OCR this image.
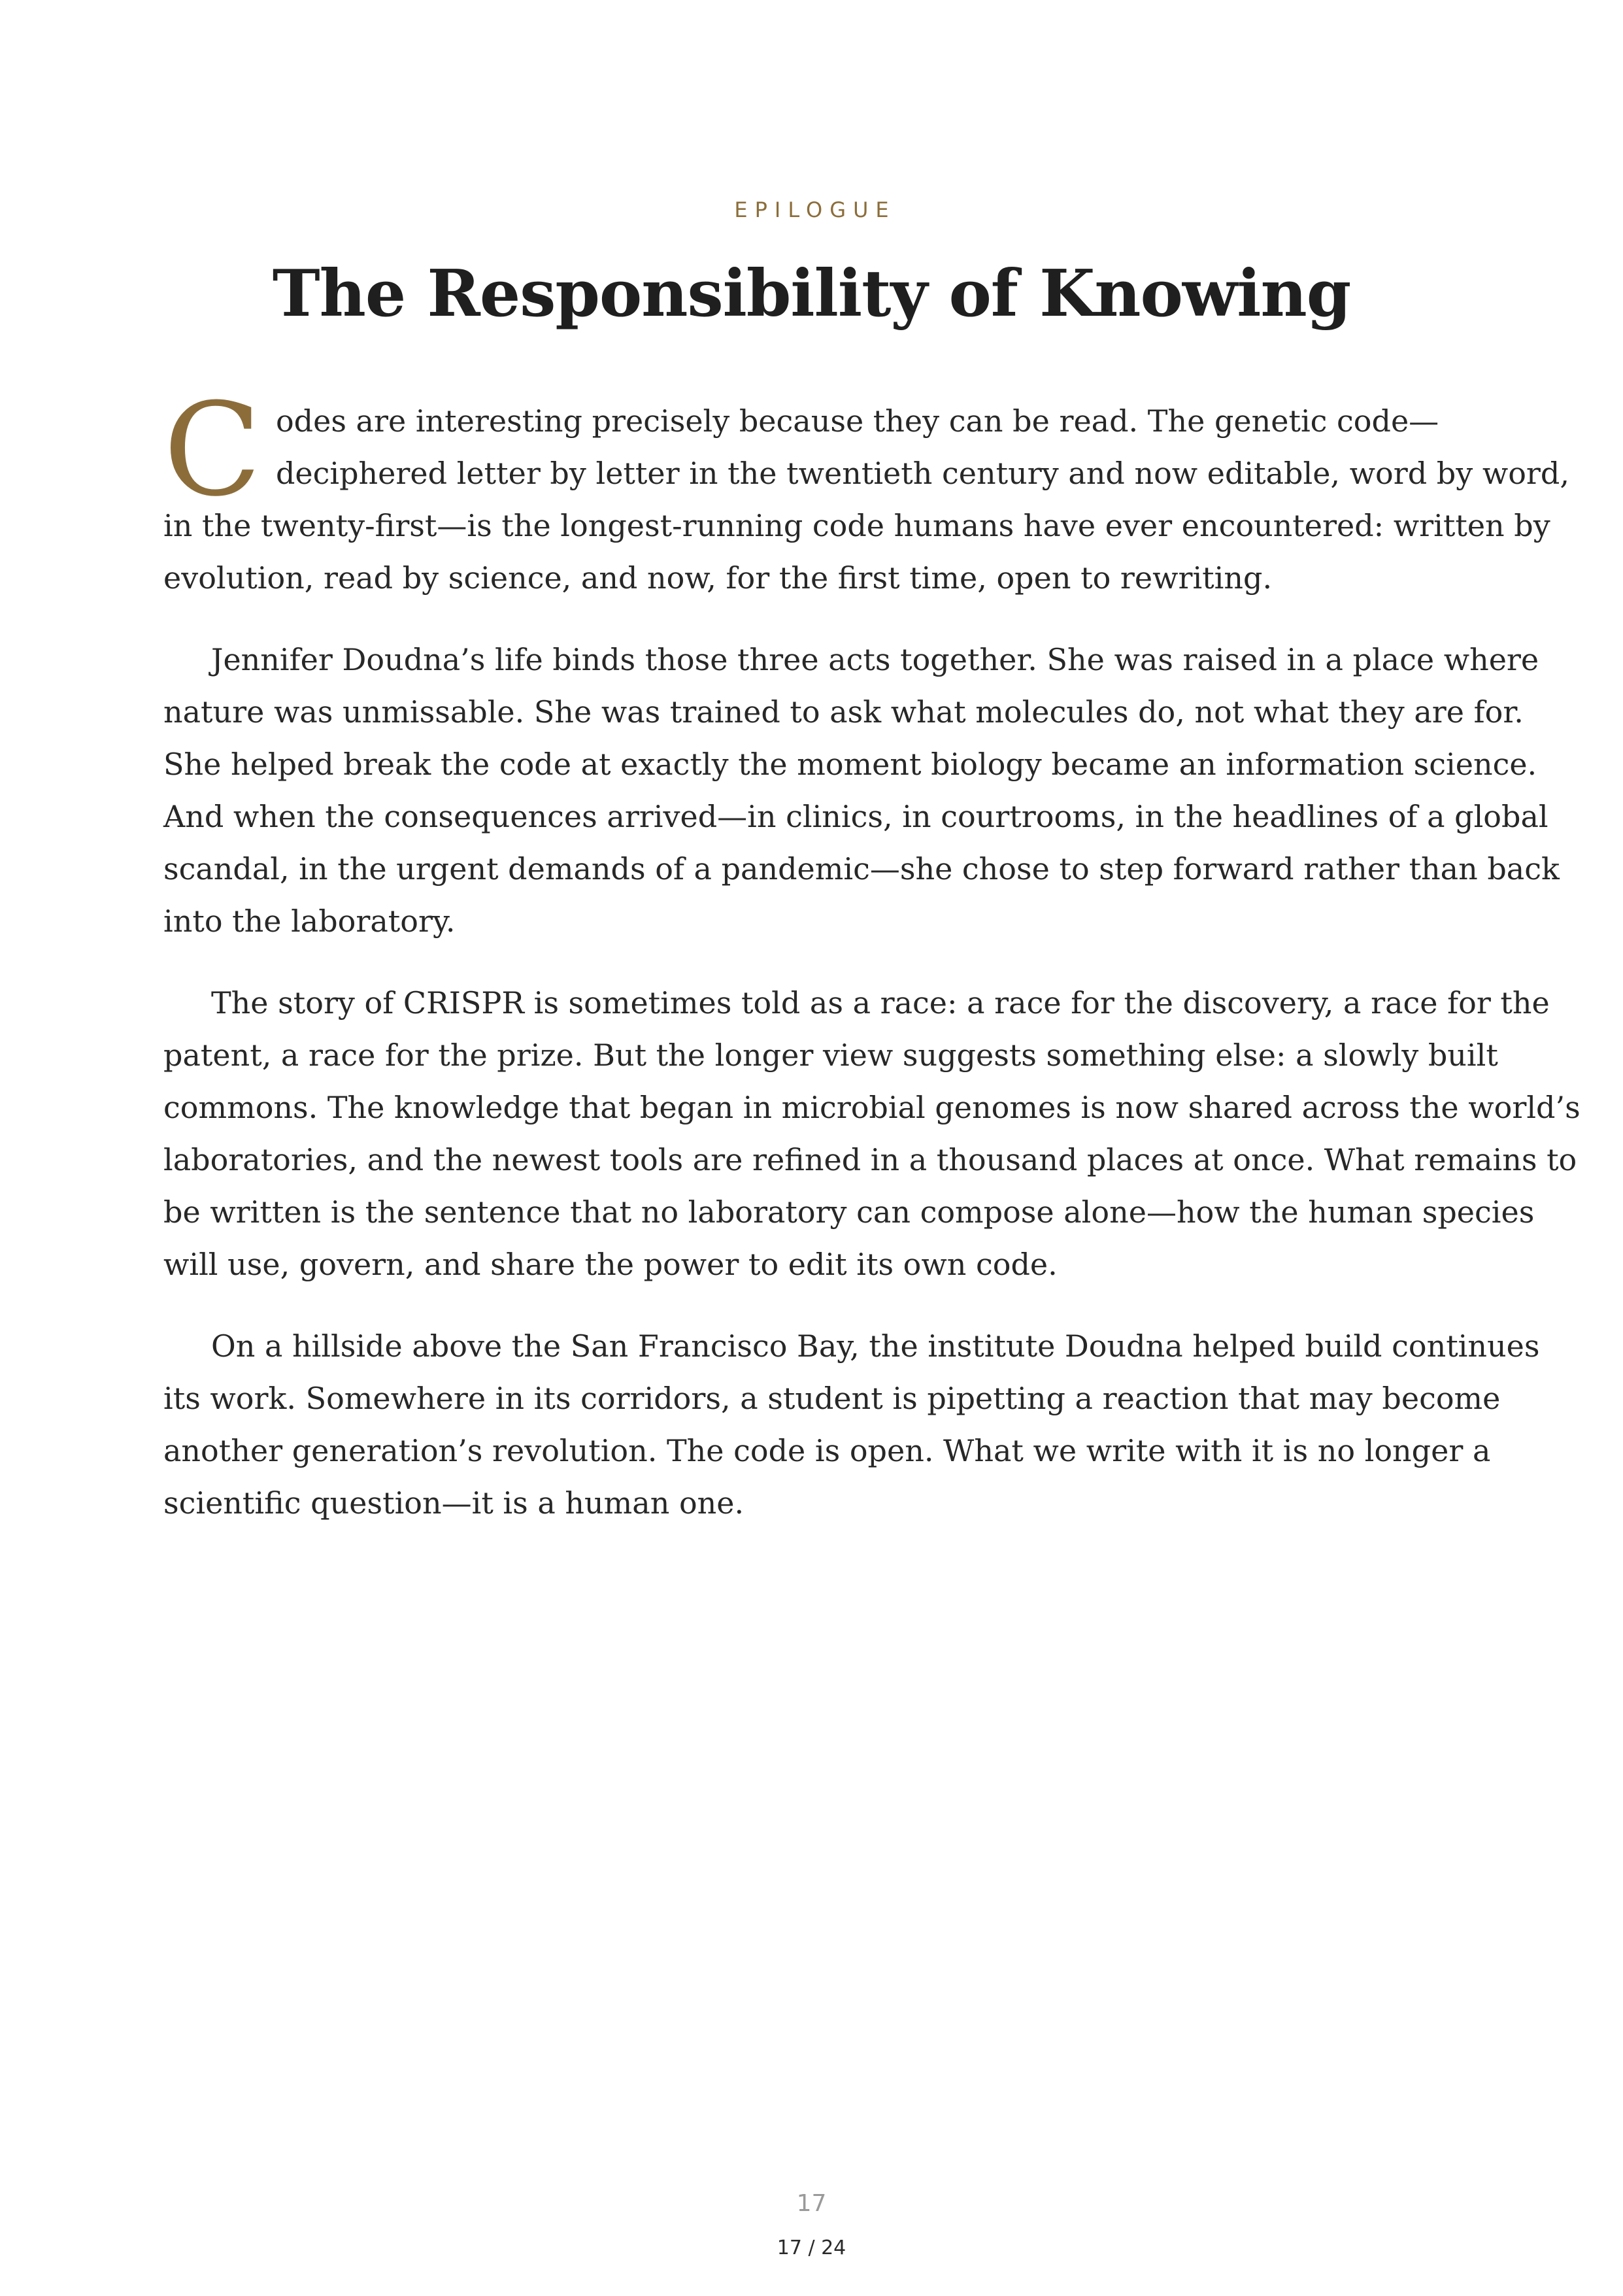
EPILOGUE
The Responsibility of Knowing

C odes are interesting precisely because they can be read. The genetic code—
deciphered letter by letter in the twentieth century and now editable, word by word,
in the twenty-first—is the longest-running code humans have ever encountered: written by
evolution, read by science, and now, for the first time, open to rewriting.

Jennifer Doudna’s life binds those three acts together. She was raised in a place where
nature was unmissable. She was trained to ask what molecules do, not what they are for.
She helped break the code at exactly the moment biology became an information science.
And when the consequences arrived—in clinics, in courtrooms, in the headlines of a global
scandal, in the urgent demands of a pandemic—she chose to step forward rather than back
into the laboratory.

The story of CRISPR is sometimes told as a race: a race for the discovery, a race for the
patent, a race for the prize. But the longer view suggests something else: a slowly built
commons. The knowledge that began in microbial genomes is now shared across the world’s
laboratories, and the newest tools are refined in a thousand places at once. What remains to
be written is the sentence that no laboratory can compose alone—how the human species
will use, govern, and share the power to edit its own code.

On a hillside above the San Francisco Bay, the institute Doudna helped build continues
its work. Somewhere in its corridors, a student is pipetting a reaction that may become
another generation’s revolution. The code is open. What we write with it is no longer a
scientific question—it is a human one.

17
17 / 24
